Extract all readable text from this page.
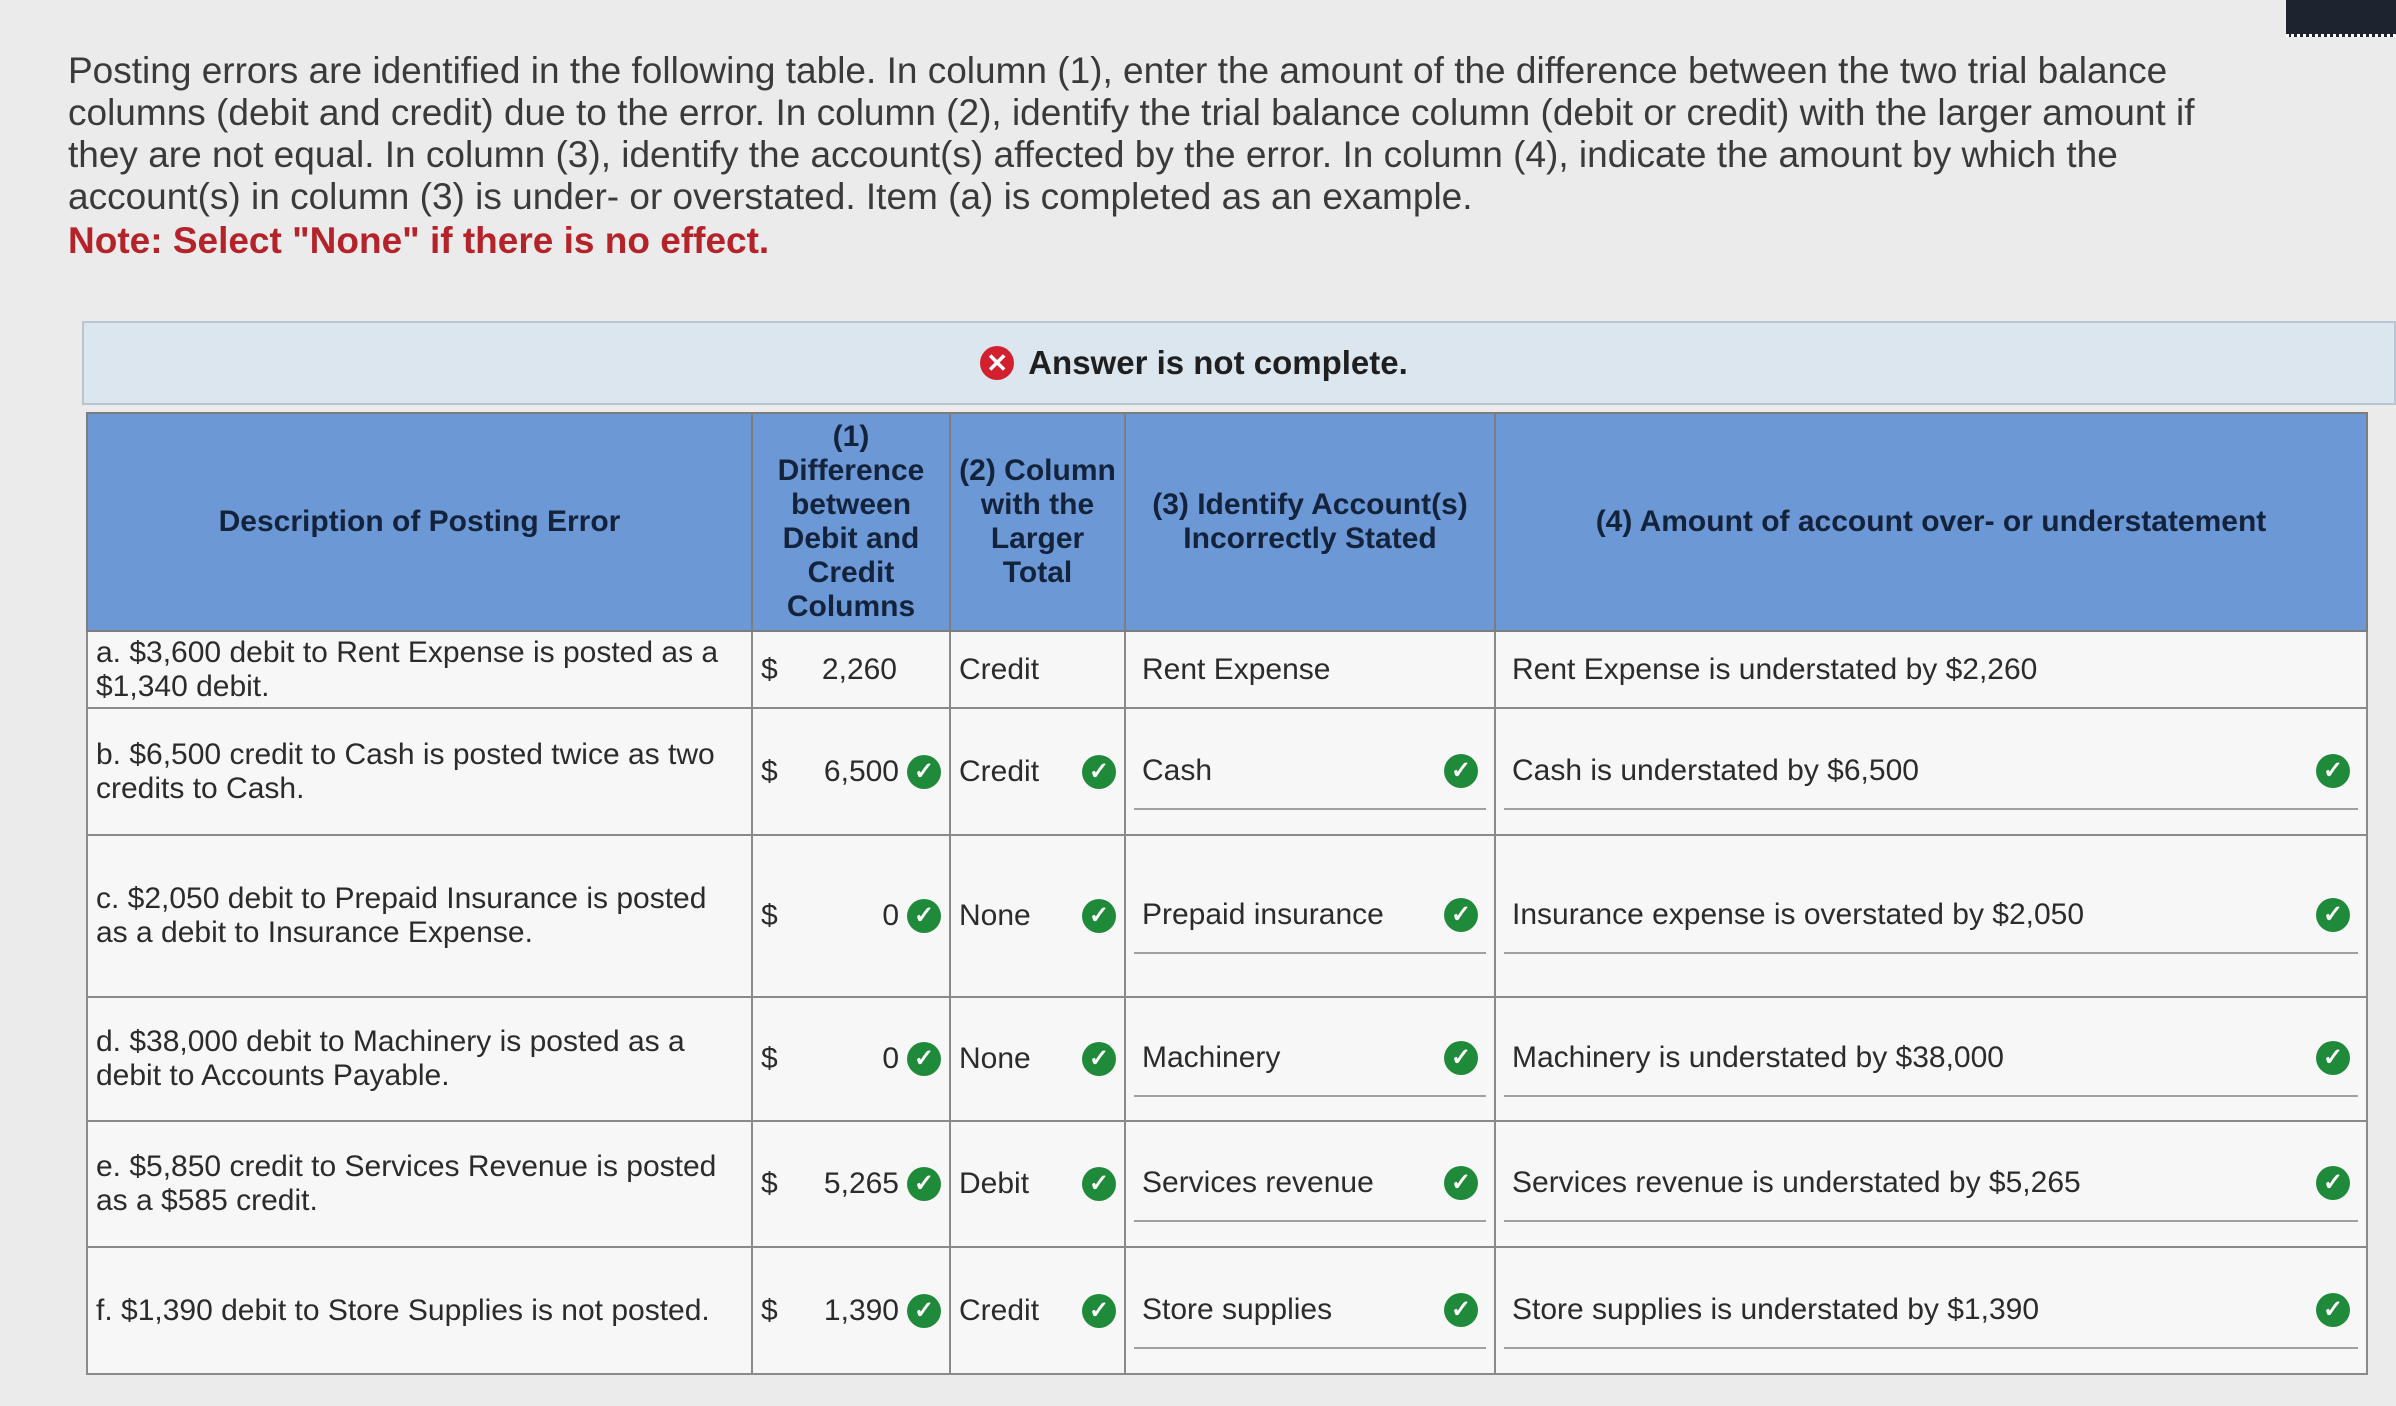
Posting errors are identified in the following table. In column (1), enter the amount of the difference between the two trial balance columns (debit and credit) due to the error. In column (2), identify the trial balance column (debit or credit) with the larger amount if they are not equal. In column (3), identify the account(s) affected by the error. In column (4), indicate the amount by which the account(s) in column (3) is under- or overstated. Item (a) is completed as an example.
Note: Select "None" if there is no effect.
✕ Answer is not complete.
Description of Posting Error	(1) Difference between Debit and Credit Columns	(2) Column with the Larger Total	(3) Identify Account(s) Incorrectly Stated	(4) Amount of account over- or understatement
a. $3,600 debit to Rent Expense is posted as a $1,340 debit.	$ 2,260	Credit	Rent Expense	Rent Expense is understated by $2,260

b. $6,500 credit to Cash is posted twice as two credits to Cash.	$ 6,500 ✓	Credit ✓	Cash ✓	Cash is understated by $6,500 ✓

c. $2,050 debit to Prepaid Insurance is posted as a debit to Insurance Expense.	$ 0 ✓	None ✓	Prepaid insurance ✓	Insurance expense is overstated by $2,050 ✓

d. $38,000 debit to Machinery is posted as a debit to Accounts Payable.	$ 0 ✓	None ✓	Machinery ✓	Machinery is understated by $38,000 ✓

e. $5,850 credit to Services Revenue is posted as a $585 credit.	$ 5,265 ✓	Debit ✓	Services revenue ✓	Services revenue is understated by $5,265 ✓

f. $1,390 debit to Store Supplies is not posted.	$ 1,390 ✓	Credit ✓	Store supplies ✓	Store supplies is understated by $1,390 ✓
